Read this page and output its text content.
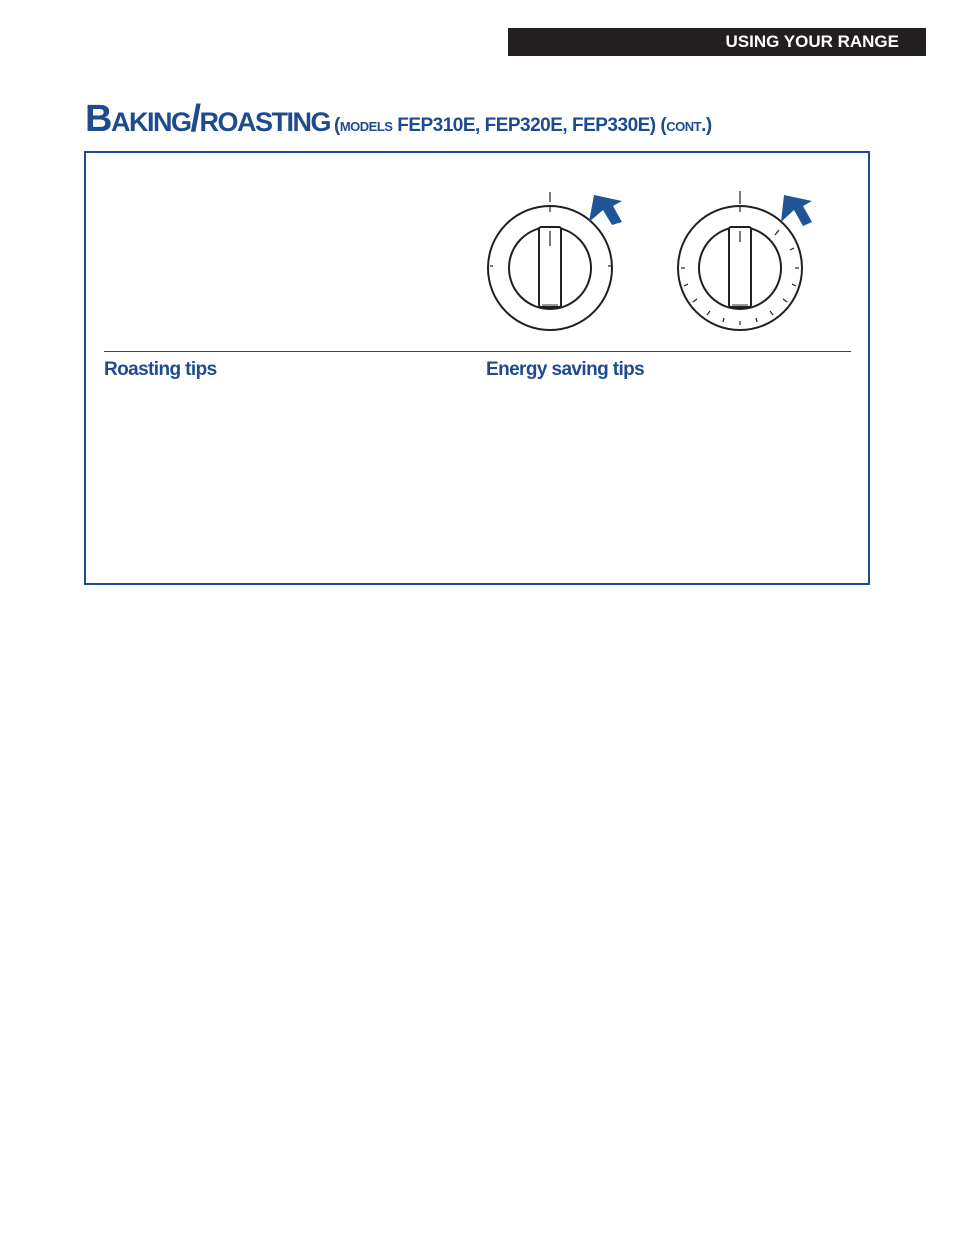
USING YOUR RANGE
Baking/roasting (models FEP310E, FEP320E, FEP330E) (cont.)
Roasting tips	Energy saving tips
